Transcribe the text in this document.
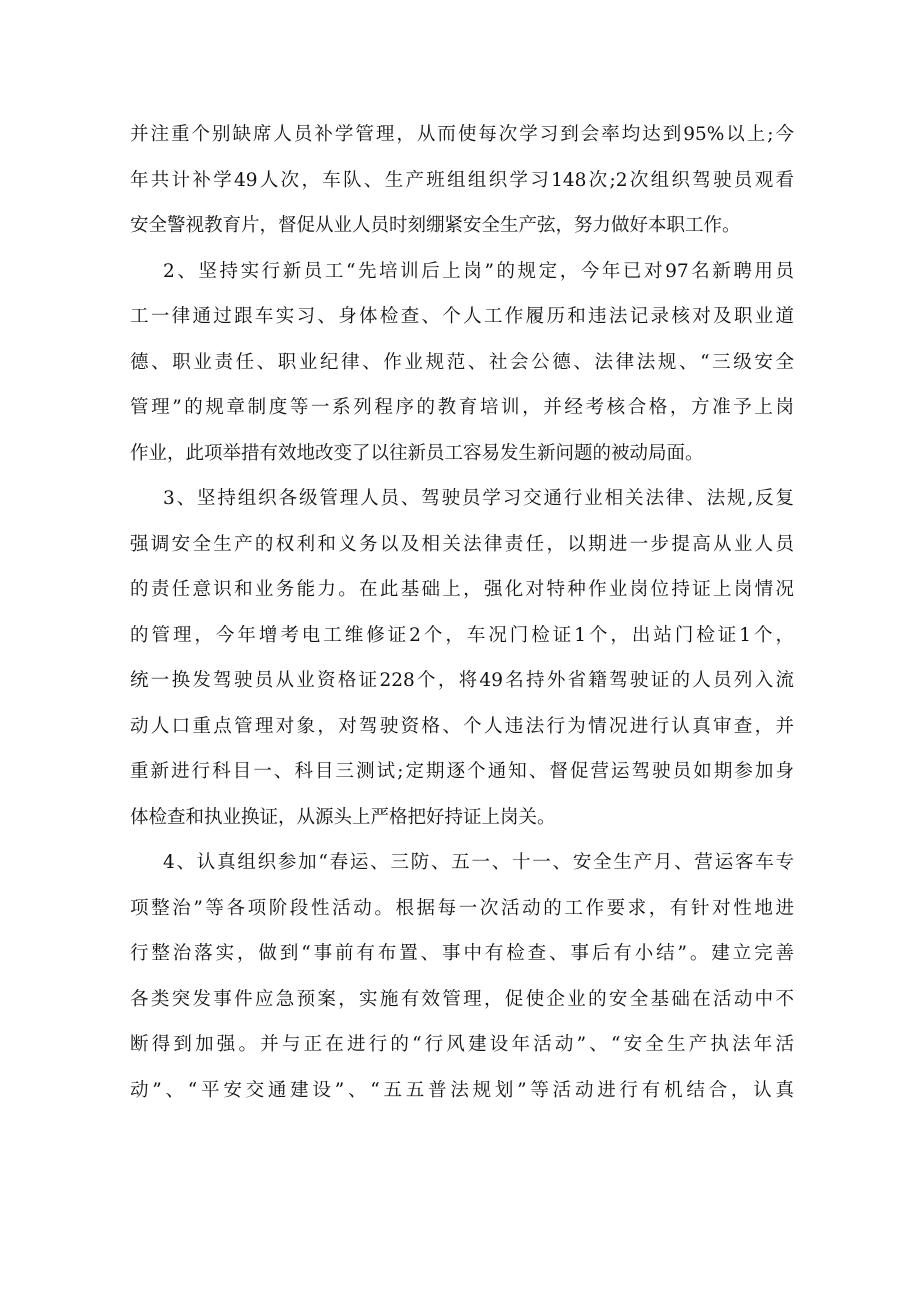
并注重个别缺席人员补学管理，从而使每次学习到会率均达到95%以上;今
年共计补学49人次，车队、生产班组组织学习148次;2次组织驾驶员观看
安全警视教育片，督促从业人员时刻绷紧安全生产弦，努力做好本职工作。
2、坚持实行新员工“先培训后上岗”的规定，今年已对97名新聘用员
工一律通过跟车实习、身体检查、个人工作履历和违法记录核对及职业道
德、职业责任、职业纪律、作业规范、社会公德、法律法规、“三级安全
管理”的规章制度等一系列程序的教育培训，并经考核合格，方准予上岗
作业，此项举措有效地改变了以往新员工容易发生新问题的被动局面。
3、坚持组织各级管理人员、驾驶员学习交通行业相关法律、法规,反复
强调安全生产的权利和义务以及相关法律责任，以期进一步提高从业人员
的责任意识和业务能力。在此基础上，强化对特种作业岗位持证上岗情况
的管理，今年增考电工维修证2个，车况门检证1个，出站门检证1个，
统一换发驾驶员从业资格证228个，将49名持外省籍驾驶证的人员列入流
动人口重点管理对象，对驾驶资格、个人违法行为情况进行认真审查，并
重新进行科目一、科目三测试;定期逐个通知、督促营运驾驶员如期参加身
体检查和执业换证，从源头上严格把好持证上岗关。
4、认真组织参加“春运、三防、五一、十一、安全生产月、营运客车专
项整治”等各项阶段性活动。根据每一次活动的工作要求，有针对性地进
行整治落实，做到“事前有布置、事中有检查、事后有小结”。建立完善
各类突发事件应急预案，实施有效管理，促使企业的安全基础在活动中不
断得到加强。并与正在进行的“行风建设年活动”、“安全生产执法年活
动”、“平安交通建设”、“五五普法规划”等活动进行有机结合，认真
